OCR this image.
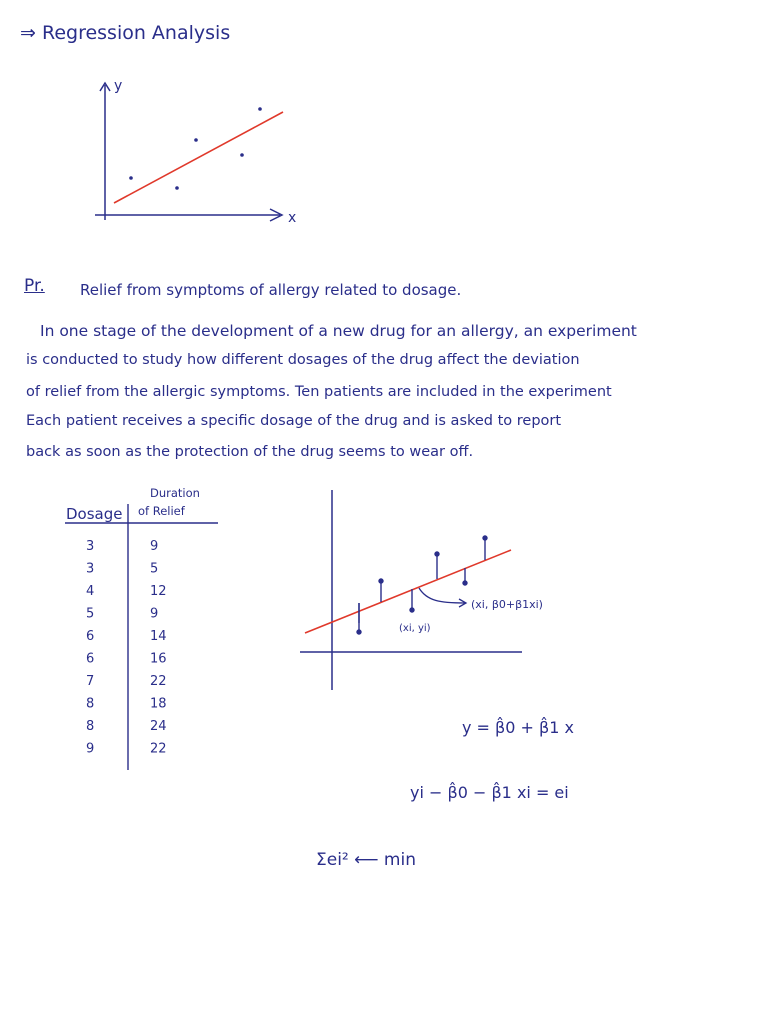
⇒ Regression Analysis
y
x
Pr. Relief from symptoms of allergy related to dosage.
In one stage of the development of a new drug for an allergy, an experiment
is conducted to study how different dosages of the drug affect the deviation
of relief from the allergic symptoms. Ten patients are included in the experiment
Each patient receives a specific dosage of the drug and is asked to report
back as soon as the protection of the drug seems to wear off.
Duration
of Relief
Dosage
3	9
3	5
4	12
5	9
6	14
6	16
7	22
8	18
8	24
9	22
(xi, β0+β1xi)
(xi, yi)
y = β̂0 + β̂1 x
yi − β̂0 − β̂1 xi = ei
Σei² ⟵ min
